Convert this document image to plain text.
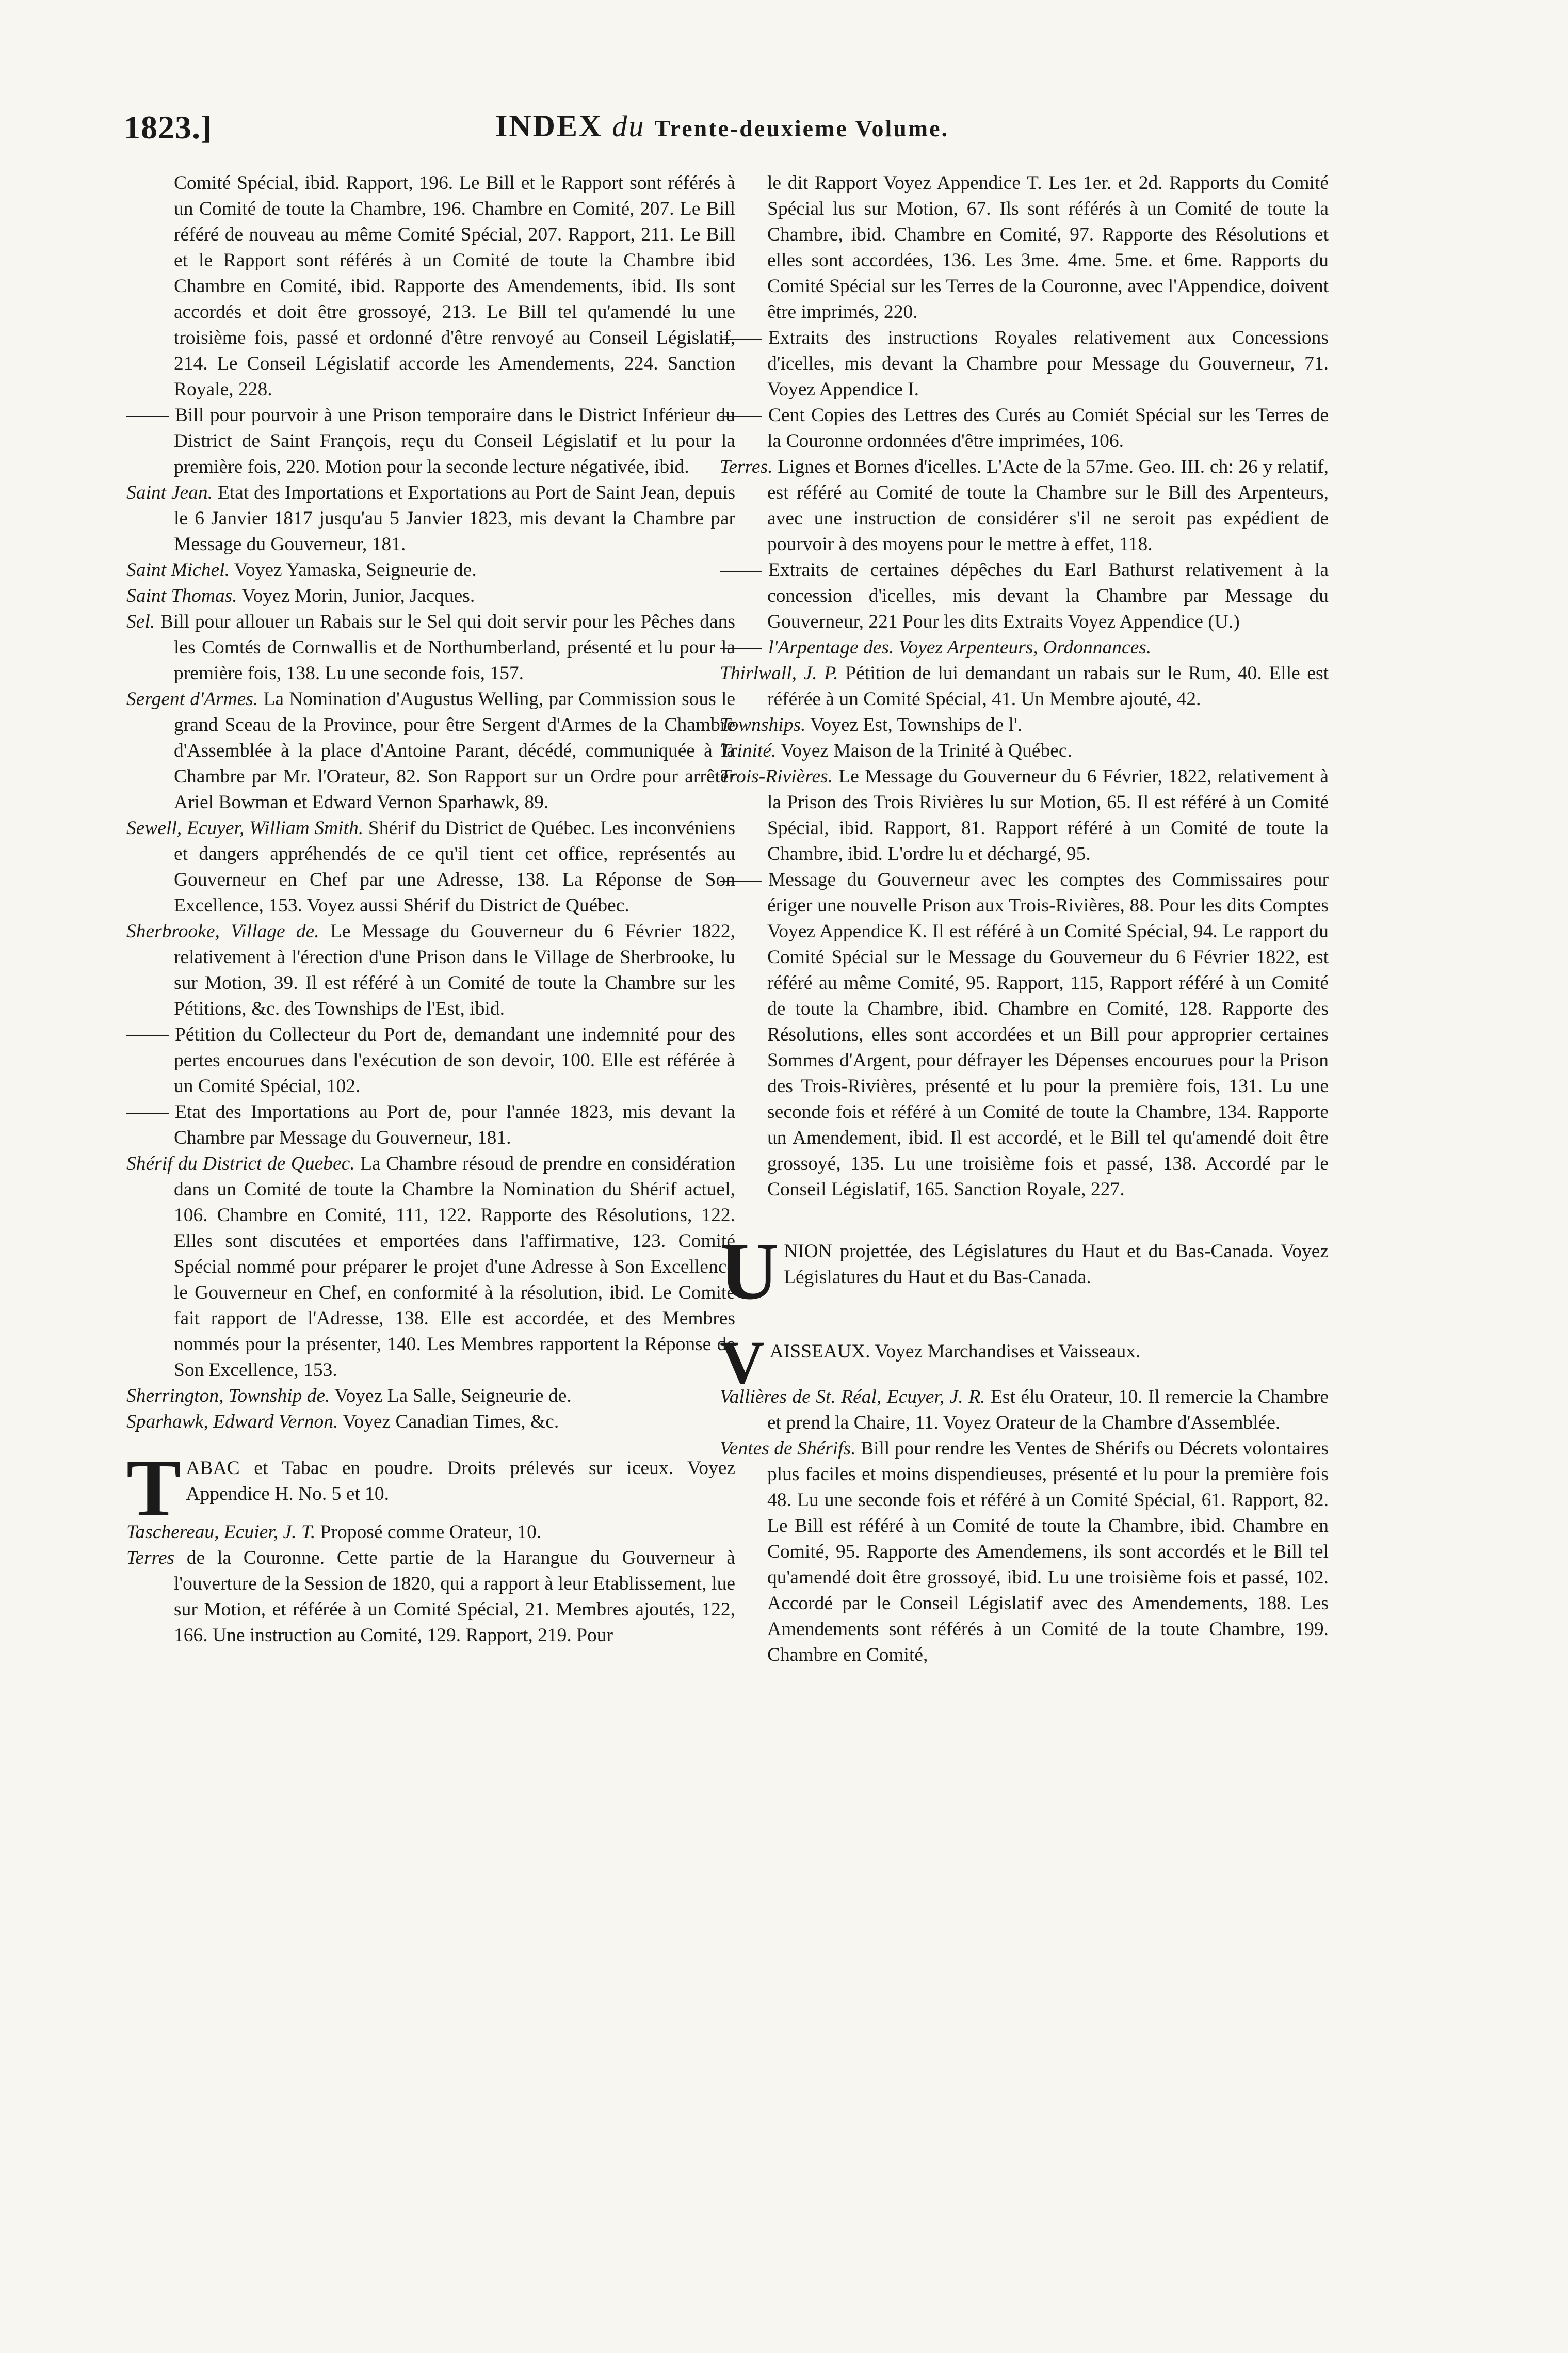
1823.]	INDEX du Trente-deuxieme Volume.

Comité Spécial, ibid. Rapport, 196. Le Bill et le Rapport sont référés à un Comité de toute la Chambre, 196. Chambre en Comité, 207. Le Bill référé de nouveau au même Comité Spécial, 207. Rapport, 211. Le Bill et le Rapport sont référés à un Comité de toute la Chambre ibid Chambre en Comité, ibid. Rapporte des Amendements, ibid. Ils sont accordés et doit être grossoyé, 213. Le Bill tel qu'amendé lu une troisième fois, passé et ordonné d'être renvoyé au Conseil Législatif, 214. Le Conseil Législatif accorde les Amendements, 224. Sanction Royale, 228.

Bill pour pourvoir à une Prison temporaire dans le District Inférieur du District de Saint François, reçu du Conseil Législatif et lu pour la première fois, 220. Motion pour la seconde lecture négativée, ibid.

Saint Jean. Etat des Importations et Exportations au Port de Saint Jean, depuis le 6 Janvier 1817 jusqu'au 5 Janvier 1823, mis devant la Chambre par Message du Gouverneur, 181.

Saint Michel. Voyez Yamaska, Seigneurie de.

Saint Thomas. Voyez Morin, Junior, Jacques.

Sel. Bill pour allouer un Rabais sur le Sel qui doit servir pour les Pêches dans les Comtés de Cornwallis et de Northumberland, présenté et lu pour la première fois, 138. Lu une seconde fois, 157.

Sergent d'Armes. La Nomination d'Augustus Welling, par Commission sous le grand Sceau de la Province, pour être Sergent d'Armes de la Chambre d'Assemblée à la place d'Antoine Parant, décédé, communiquée à la Chambre par Mr. l'Orateur, 82. Son Rapport sur un Ordre pour arrêter Ariel Bowman et Edward Vernon Sparhawk, 89.

Sewell, Ecuyer, William Smith. Shérif du District de Québec. Les inconvéniens et dangers appréhendés de ce qu'il tient cet office, représentés au Gouverneur en Chef par une Adresse, 138. La Réponse de Son Excellence, 153. Voyez aussi Shérif du District de Québec.

Sherbrooke, Village de. Le Message du Gouverneur du 6 Février 1822, relativement à l'érection d'une Prison dans le Village de Sherbrooke, lu sur Motion, 39. Il est référé à un Comité de toute la Chambre sur les Pétitions, &c. des Townships de l'Est, ibid.

Pétition du Collecteur du Port de, demandant une indemnité pour des pertes encourues dans l'exécution de son devoir, 100. Elle est référée à un Comité Spécial, 102.

Etat des Importations au Port de, pour l'année 1823, mis devant la Chambre par Message du Gouverneur, 181.

Shérif du District de Quebec. La Chambre résoud de prendre en considération dans un Comité de toute la Chambre la Nomination du Shérif actuel, 106. Chambre en Comité, 111, 122. Rapporte des Résolutions, 122. Elles sont discutées et emportées dans l'affirmative, 123. Comité Spécial nommé pour préparer le projet d'une Adresse à Son Excellence le Gouverneur en Chef, en conformité à la résolution, ibid. Le Comité fait rapport de l'Adresse, 138. Elle est accordée, et des Membres nommés pour la présenter, 140. Les Membres rapportent la Réponse de Son Excellence, 153.

Sherrington, Township de. Voyez La Salle, Seigneurie de.

Sparhawk, Edward Vernon. Voyez Canadian Times, &c.

TABAC et Tabac en poudre. Droits prélevés sur iceux. Voyez Appendice H. No. 5 et 10.

Taschereau, Ecuier, J. T. Proposé comme Orateur, 10.

Terres de la Couronne. Cette partie de la Harangue du Gouverneur à l'ouverture de la Session de 1820, qui a rapport à leur Etablissement, lue sur Motion, et référée à un Comité Spécial, 21. Membres ajoutés, 122, 166. Une instruction au Comité, 129. Rapport, 219. Pour

le dit Rapport Voyez Appendice T. Les 1er. et 2d. Rapports du Comité Spécial lus sur Motion, 67. Ils sont référés à un Comité de toute la Chambre, ibid. Chambre en Comité, 97. Rapporte des Résolutions et elles sont accordées, 136. Les 3me. 4me. 5me. et 6me. Rapports du Comité Spécial sur les Terres de la Couronne, avec l'Appendice, doivent être imprimés, 220.

Extraits des instructions Royales relativement aux Concessions d'icelles, mis devant la Chambre pour Message du Gouverneur, 71. Voyez Appendice I.

Cent Copies des Lettres des Curés au Comiét Spécial sur les Terres de la Couronne ordonnées d'être imprimées, 106.

Terres. Lignes et Bornes d'icelles. L'Acte de la 57me. Geo. III. ch: 26 y relatif, est référé au Comité de toute la Chambre sur le Bill des Arpenteurs, avec une instruction de considérer s'il ne seroit pas expédient de pourvoir à des moyens pour le mettre à effet, 118.

Extraits de certaines dépêches du Earl Bathurst relativement à la concession d'icelles, mis devant la Chambre par Message du Gouverneur, 221 Pour les dits Extraits Voyez Appendice (U.)

l'Arpentage des. Voyez Arpenteurs, Ordonnances.

Thirlwall, J. P. Pétition de lui demandant un rabais sur le Rum, 40. Elle est référée à un Comité Spécial, 41. Un Membre ajouté, 42.

Townships. Voyez Est, Townships de l'.

Trinité. Voyez Maison de la Trinité à Québec.

Trois-Rivières. Le Message du Gouverneur du 6 Février, 1822, relativement à la Prison des Trois Rivières lu sur Motion, 65. Il est référé à un Comité Spécial, ibid. Rapport, 81. Rapport référé à un Comité de toute la Chambre, ibid. L'ordre lu et déchargé, 95.

Message du Gouverneur avec les comptes des Commissaires pour ériger une nouvelle Prison aux Trois-Rivières, 88. Pour les dits Comptes Voyez Appendice K. Il est référé à un Comité Spécial, 94. Le rapport du Comité Spécial sur le Message du Gouverneur du 6 Février 1822, est référé au même Comité, 95. Rapport, 115, Rapport référé à un Comité de toute la Chambre, ibid. Chambre en Comité, 128. Rapporte des Résolutions, elles sont accordées et un Bill pour approprier certaines Sommes d'Argent, pour défrayer les Dépenses encourues pour la Prison des Trois-Rivières, présenté et lu pour la première fois, 131. Lu une seconde fois et référé à un Comité de toute la Chambre, 134. Rapporte un Amendement, ibid. Il est accordé, et le Bill tel qu'amendé doit être grossoyé, 135. Lu une troisième fois et passé, 138. Accordé par le Conseil Législatif, 165. Sanction Royale, 227.

UNION projettée, des Législatures du Haut et du Bas-Canada. Voyez Législatures du Haut et du Bas-Canada.

VAISSEAUX. Voyez Marchandises et Vaisseaux.

Vallières de St. Réal, Ecuyer, J. R. Est élu Orateur, 10. Il remercie la Chambre et prend la Chaire, 11. Voyez Orateur de la Chambre d'Assemblée.

Ventes de Shérifs. Bill pour rendre les Ventes de Shérifs ou Décrets volontaires plus faciles et moins dispendieuses, présenté et lu pour la première fois 48. Lu une seconde fois et référé à un Comité Spécial, 61. Rapport, 82. Le Bill est référé à un Comité de toute la Chambre, ibid. Chambre en Comité, 95. Rapporte des Amendemens, ils sont accordés et le Bill tel qu'amendé doit être grossoyé, ibid. Lu une troisième fois et passé, 102. Accordé par le Conseil Législatif avec des Amendements, 188. Les Amendements sont référés à un Comité de la toute Chambre, 199. Chambre en Comité,
